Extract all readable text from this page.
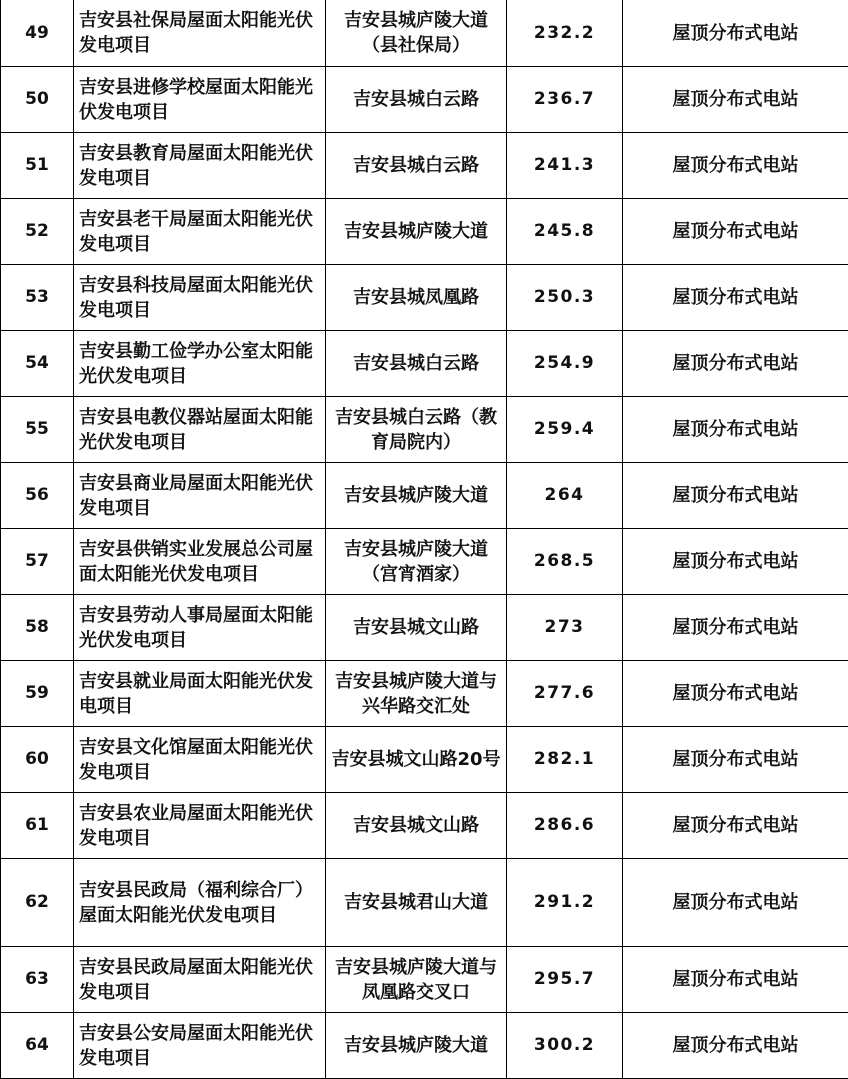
49	吉安县社保局屋面太阳能光伏发电项目	吉安县城庐陵大道（县社保局）	232.2	屋顶分布式电站
50	吉安县进修学校屋面太阳能光伏发电项目	吉安县城白云路	236.7	屋顶分布式电站
51	吉安县教育局屋面太阳能光伏发电项目	吉安县城白云路	241.3	屋顶分布式电站
52	吉安县老干局屋面太阳能光伏发电项目	吉安县城庐陵大道	245.8	屋顶分布式电站
53	吉安县科技局屋面太阳能光伏发电项目	吉安县城凤凰路	250.3	屋顶分布式电站
54	吉安县勤工俭学办公室太阳能光伏发电项目	吉安县城白云路	254.9	屋顶分布式电站
55	吉安县电教仪器站屋面太阳能光伏发电项目	吉安县城白云路（教育局院内）	259.4	屋顶分布式电站
56	吉安县商业局屋面太阳能光伏发电项目	吉安县城庐陵大道	264	屋顶分布式电站
57	吉安县供销实业发展总公司屋面太阳能光伏发电项目	吉安县城庐陵大道（宫宵酒家）	268.5	屋顶分布式电站
58	吉安县劳动人事局屋面太阳能光伏发电项目	吉安县城文山路	273	屋顶分布式电站
59	吉安县就业局面太阳能光伏发电项目	吉安县城庐陵大道与兴华路交汇处	277.6	屋顶分布式电站
60	吉安县文化馆屋面太阳能光伏发电项目	吉安县城文山路20号	282.1	屋顶分布式电站
61	吉安县农业局屋面太阳能光伏发电项目	吉安县城文山路	286.6	屋顶分布式电站
62	吉安县民政局（福利综合厂）屋面太阳能光伏发电项目	吉安县城君山大道	291.2	屋顶分布式电站
63	吉安县民政局屋面太阳能光伏发电项目	吉安县城庐陵大道与凤凰路交叉口	295.7	屋顶分布式电站
64	吉安县公安局屋面太阳能光伏发电项目	吉安县城庐陵大道	300.2	屋顶分布式电站
